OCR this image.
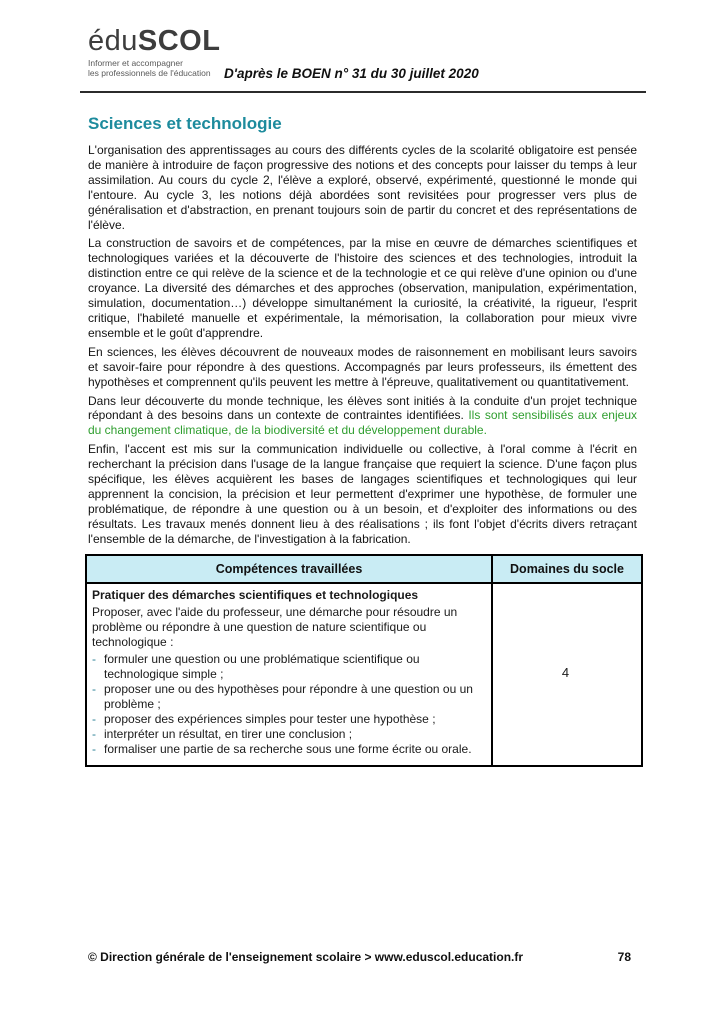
éduSCOL
Informer et accompagner
les professionnels de l'éducation D'après le BOEN n° 31 du 30 juillet 2020
Sciences et technologie

L'organisation des apprentissages au cours des différents cycles de la scolarité obligatoire est pensée de manière à introduire de façon progressive des notions et des concepts pour laisser du temps à leur assimilation. Au cours du cycle 2, l'élève a exploré, observé, expérimenté, questionné le monde qui l'entoure. Au cycle 3, les notions déjà abordées sont revisitées pour progresser vers plus de généralisation et d'abstraction, en prenant toujours soin de partir du concret et des représentations de l'élève.

La construction de savoirs et de compétences, par la mise en œuvre de démarches scientifiques et technologiques variées et la découverte de l'histoire des sciences et des technologies, introduit la distinction entre ce qui relève de la science et de la technologie et ce qui relève d'une opinion ou d'une croyance. La diversité des démarches et des approches (observation, manipulation, expérimentation, simulation, documentation…) développe simultanément la curiosité, la créativité, la rigueur, l'esprit critique, l'habileté manuelle et expérimentale, la mémorisation, la collaboration pour mieux vivre ensemble et le goût d'apprendre.

En sciences, les élèves découvrent de nouveaux modes de raisonnement en mobilisant leurs savoirs et savoir-faire pour répondre à des questions. Accompagnés par leurs professeurs, ils émettent des hypothèses et comprennent qu'ils peuvent les mettre à l'épreuve, qualitativement ou quantitativement.

Dans leur découverte du monde technique, les élèves sont initiés à la conduite d'un projet technique répondant à des besoins dans un contexte de contraintes identifiées. Ils sont sensibilisés aux enjeux du changement climatique, de la biodiversité et du développement durable.

Enfin, l'accent est mis sur la communication individuelle ou collective, à l'oral comme à l'écrit en recherchant la précision dans l'usage de la langue française que requiert la science. D'une façon plus spécifique, les élèves acquièrent les bases de langages scientifiques et technologiques qui leur apprennent la concision, la précision et leur permettent d'exprimer une hypothèse, de formuler une problématique, de répondre à une question ou à un besoin, et d'exploiter des informations ou des résultats. Les travaux menés donnent lieu à des réalisations ; ils font l'objet d'écrits divers retraçant l'ensemble de la démarche, de l'investigation à la fabrication.

Compétences travaillées	Domaines du socle

Pratiquer des démarches scientifiques et technologiques
Proposer, avec l'aide du professeur, une démarche pour résoudre un problème ou répondre à une question de nature scientifique ou technologique :
- formuler une question ou une problématique scientifique ou technologique simple ;
- proposer une ou des hypothèses pour répondre à une question ou un problème ;
- proposer des expériences simples pour tester une hypothèse ;
- interpréter un résultat, en tirer une conclusion ;
- formaliser une partie de sa recherche sous une forme écrite ou orale.
	4
© Direction générale de l'enseignement scolaire > www.eduscol.education.fr	78
